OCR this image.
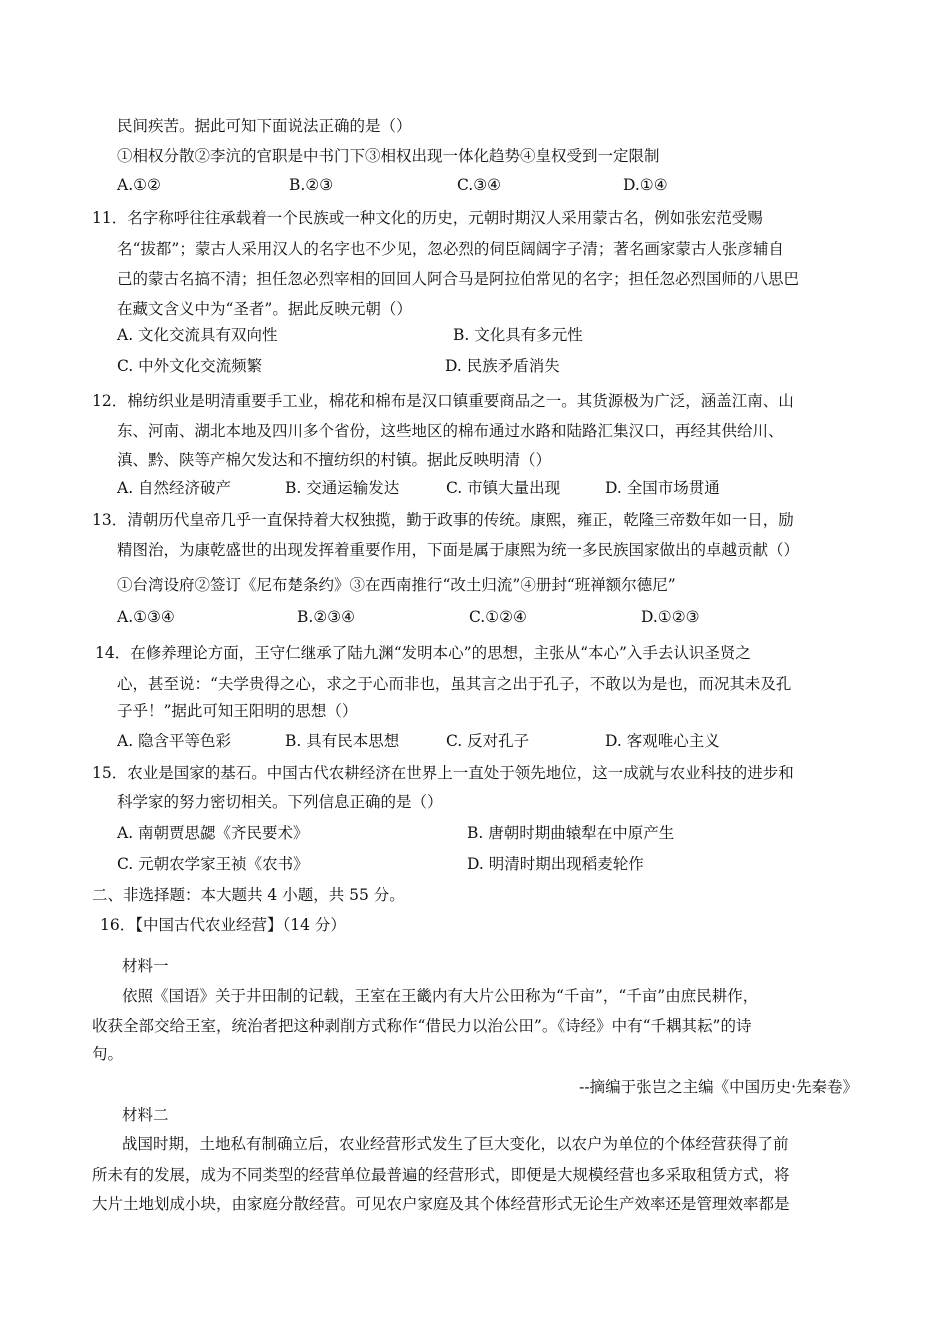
民间疾苦。据此可知下面说法正确的是（）
①相权分散②李沆的官职是中书门下③相权出现一体化趋势④皇权受到一定限制
A.①②	B.②③	C.③④	D.①④
11．名字称呼往往承载着一个民族或一种文化的历史，元朝时期汉人采用蒙古名，例如张宏范受赐
名“拔都”；蒙古人采用汉人的名字也不少见，忽必烈的伺臣阔阔字子清；著名画家蒙古人张彦辅自
己的蒙古名搞不清；担任忽必烈宰相的回回人阿合马是阿拉伯常见的名字；担任忽必烈国师的八思巴
在藏文含义中为“圣者”。据此反映元朝（）
A. 文化交流具有双向性	B. 文化具有多元性
C. 中外文化交流频繁	D. 民族矛盾消失
12．棉纺织业是明清重要手工业，棉花和棉布是汉口镇重要商品之一。其货源极为广泛，涵盖江南、山
东、河南、湖北本地及四川多个省份，这些地区的棉布通过水路和陆路汇集汉口，再经其供给川、
滇、黔、陕等产棉欠发达和不擅纺织的村镇。据此反映明清（）
A. 自然经济破产	B. 交通运输发达	C. 市镇大量出现	D. 全国市场贯通
13．清朝历代皇帝几乎一直保持着大权独揽，勤于政事的传统。康熙，雍正，乾隆三帝数年如一日，励
精图治，为康乾盛世的出现发挥着重要作用，下面是属于康熙为统一多民族国家做出的卓越贡献（）
①台湾设府②签订《尼布楚条约》③在西南推行“改土归流”④册封“班禅额尔德尼”
A.①③④	B.②③④	C.①②④	D.①②③
14．在修养理论方面，王守仁继承了陆九渊“发明本心”的思想，主张从“本心”入手去认识圣贤之
心，甚至说：“夫学贵得之心，求之于心而非也，虽其言之出于孔子，不敢以为是也，而况其未及孔
子乎！”据此可知王阳明的思想（）
A. 隐含平等色彩	B. 具有民本思想	C. 反对孔子	D. 客观唯心主义
15．农业是国家的基石。中国古代农耕经济在世界上一直处于领先地位，这一成就与农业科技的进步和
科学家的努力密切相关。下列信息正确的是（）
A. 南朝贾思勰《齐民要术》	B. 唐朝时期曲辕犁在中原产生
C. 元朝农学家王祯《农书》	D. 明清时期出现稻麦轮作
二、非选择题：本大题共 4 小题，共 55 分。
16．【中国古代农业经营】（14 分）
材料一
依照《国语》关于井田制的记载，王室在王畿内有大片公田称为“千亩”，“千亩”由庶民耕作，
收获全部交给王室，统治者把这种剥削方式称作“借民力以治公田”。《诗经》中有“千耦其耘”的诗
句。
--摘编于张岂之主编《中国历史·先秦卷》
材料二
战国时期，土地私有制确立后，农业经营形式发生了巨大变化，以农户为单位的个体经营获得了前
所未有的发展，成为不同类型的经营单位最普遍的经营形式，即便是大规模经营也多采取租赁方式，将
大片土地划成小块，由家庭分散经营。可见农户家庭及其个体经营形式无论生产效率还是管理效率都是
